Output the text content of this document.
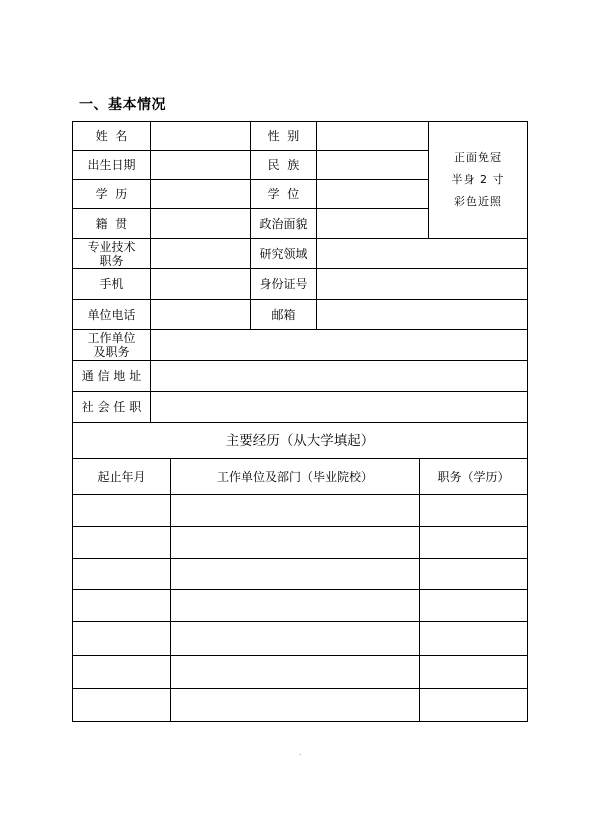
一、基本情况
姓  名		性  别		正面免冠
半身 2 寸
彩色近照

出生日期		民  族		
学  历		学  位		
籍  贯		政治面貌		
专业技术职务		研究领域		
手机		身份证号		
单位电话		邮箱		
工作单位及职务				
通 信 地 址				
社 会 任 职				
主要经历（从大学填起）		
起止年月	工作单位及部门（毕业院校）	职务（学历）

.
